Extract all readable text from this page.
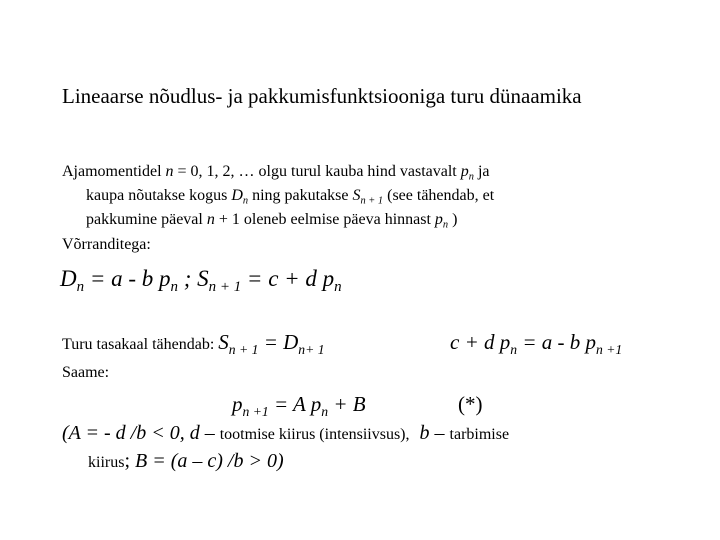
Lineaarse nõudlus- ja pakkumisfunktsiooniga turu dünaamika
Ajamomentidel n = 0, 1, 2, … olgu turul kauba hind vastavalt $p_n$ ja
kaupa nõutakse kogus $D_n$ ning pakutakse $S_{n + 1}$ (see tähendab, et
pakkumine päeval n + 1 oleneb eelmise päeva hinnast $p_n$ )
Võrranditega:
$D_n = a - b$ $p_n$ ; $S_{n + 1} = c + d$ $p_n$
Turu tasakaal tähendab: $S_{n + 1} = D_{n+ 1}$	c + d $p_n = a - b$ $p_{n +1}$
Saame:
$p_{n +1} = A$ $p_n + B$	(*)
(A = - d /b < 0, d – tootmise kiirus (intensiivsus), b – tarbimise
kiirus; B = (a – c) /b > 0)
